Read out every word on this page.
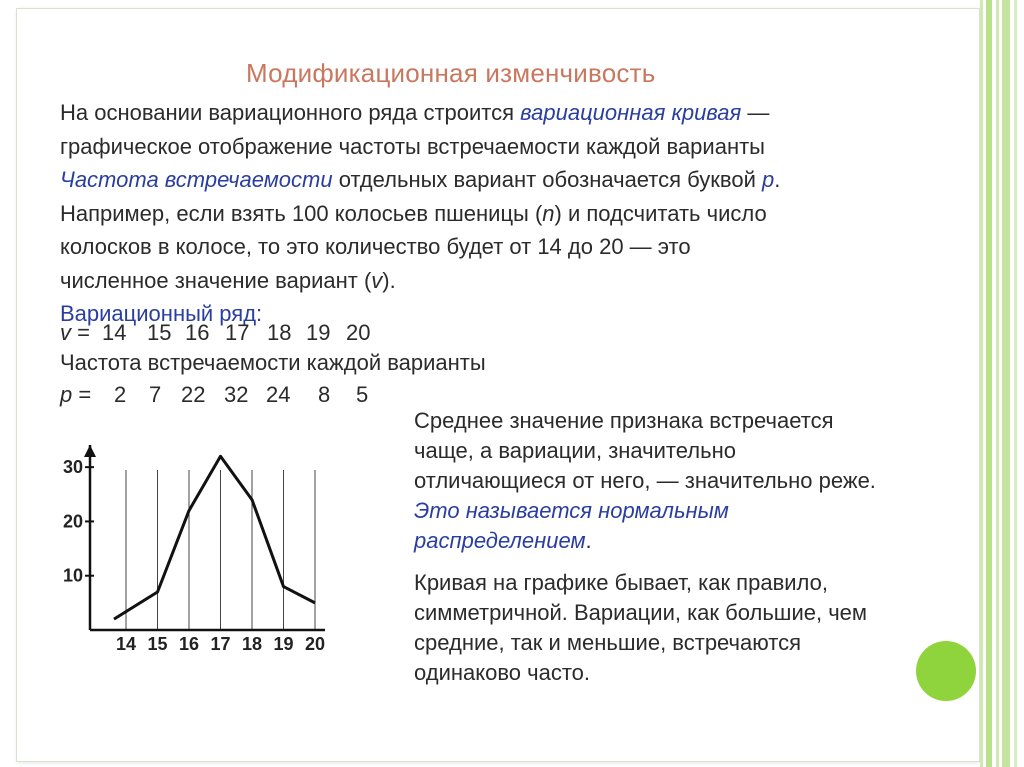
Модификационная изменчивость
На основании вариационного ряда строится вариационная кривая —
графическое отображение частоты встречаемости каждой варианты
Частота встречаемости отдельных вариант обозначается буквой р.
Например, если взять 100 колосьев пшеницы (n) и подсчитать число
колосков в колосе, то это количество будет от 14 до 20 — это
численное значение вариант (v).
Вариационный ряд:
v = 14 15 16 17 18 19 20
Частота встречаемости каждой варианты
p = 2 7 22 32 24 8 5

Среднее значение признака встречается чаще, а вариации, значительно отличающиеся от него, — значительно реже. Это называется нормальным распределением.

Кривая на графике бывает, как правило, симметричной. Вариации, как большие, чем средние, так и меньшие, встречаются одинаково часто.

10
20
30
14 15 16 17 18 19 20
